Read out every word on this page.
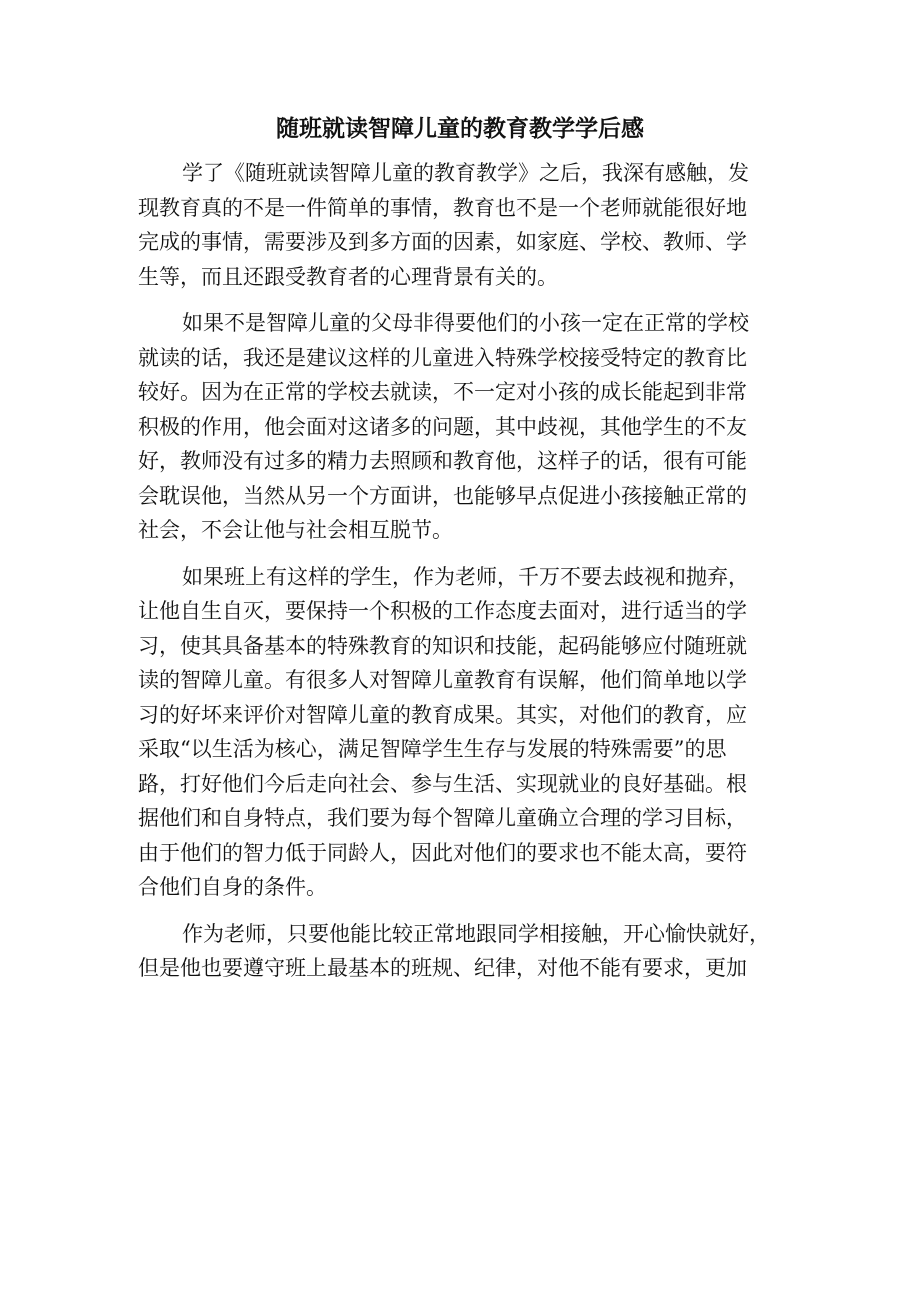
随班就读智障儿童的教育教学学后感

学了《随班就读智障儿童的教育教学》之后，我深有感触，发
现教育真的不是一件简单的事情，教育也不是一个老师就能很好地
完成的事情，需要涉及到多方面的因素，如家庭、学校、教师、学
生等，而且还跟受教育者的心理背景有关的。

如果不是智障儿童的父母非得要他们的小孩一定在正常的学校
就读的话，我还是建议这样的儿童进入特殊学校接受特定的教育比
较好。因为在正常的学校去就读，不一定对小孩的成长能起到非常
积极的作用，他会面对这诸多的问题，其中歧视，其他学生的不友
好，教师没有过多的精力去照顾和教育他，这样子的话，很有可能
会耽误他，当然从另一个方面讲，也能够早点促进小孩接触正常的
社会，不会让他与社会相互脱节。

如果班上有这样的学生，作为老师，千万不要去歧视和抛弃，
让他自生自灭，要保持一个积极的工作态度去面对，进行适当的学
习，使其具备基本的特殊教育的知识和技能，起码能够应付随班就
读的智障儿童。有很多人对智障儿童教育有误解，他们简单地以学
习的好坏来评价对智障儿童的教育成果。其实，对他们的教育，应
采取“以生活为核心，满足智障学生生存与发展的特殊需要”的思
路，打好他们今后走向社会、参与生活、实现就业的良好基础。根
据他们和自身特点，我们要为每个智障儿童确立合理的学习目标，
由于他们的智力低于同龄人，因此对他们的要求也不能太高，要符
合他们自身的条件。

作为老师，只要他能比较正常地跟同学相接触，开心愉快就好，
但是他也要遵守班上最基本的班规、纪律，对他不能有要求，更加
